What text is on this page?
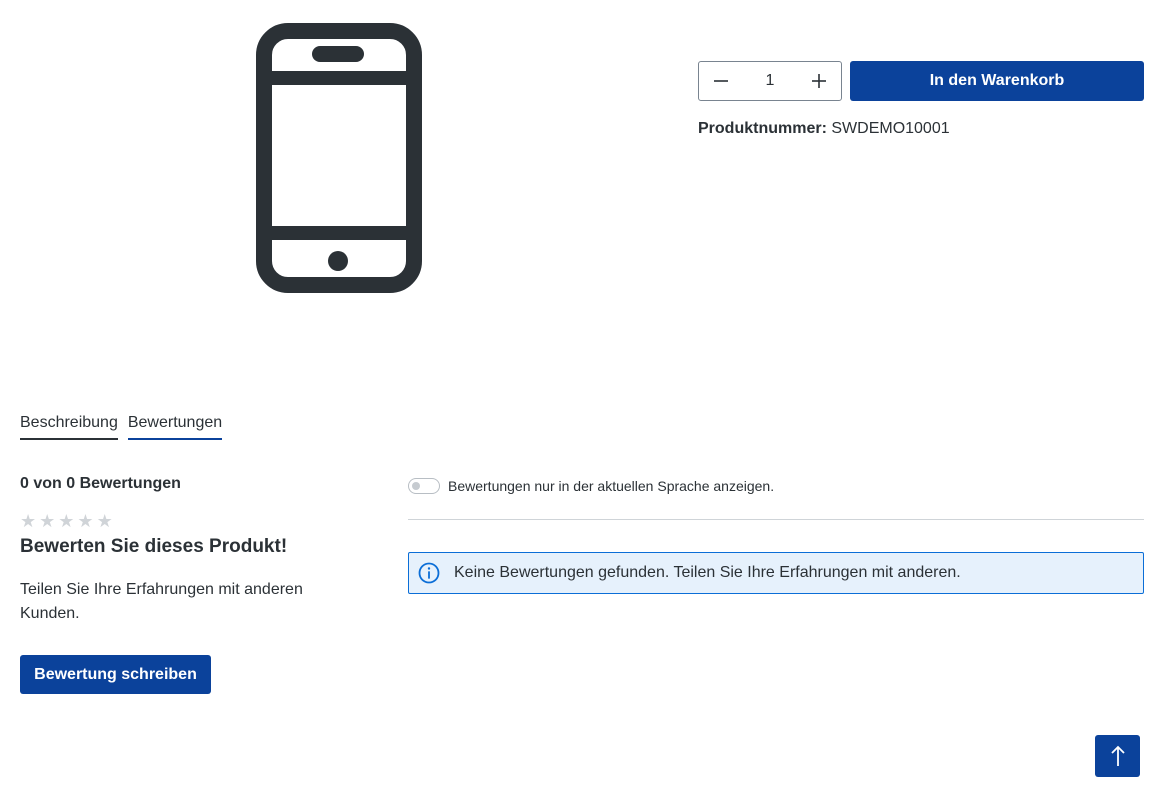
1	In den Warenkorb
Produktnummer: SWDEMO10001
Beschreibung Bewertungen
0 von 0 Bewertungen
★ ★ ★ ★ ★
Bewerten Sie dieses Produkt!
Teilen Sie Ihre Erfahrungen mit anderen Kunden.
Bewertung schreiben
Bewertungen nur in der aktuellen Sprache anzeigen.
Keine Bewertungen gefunden. Teilen Sie Ihre Erfahrungen mit anderen.
